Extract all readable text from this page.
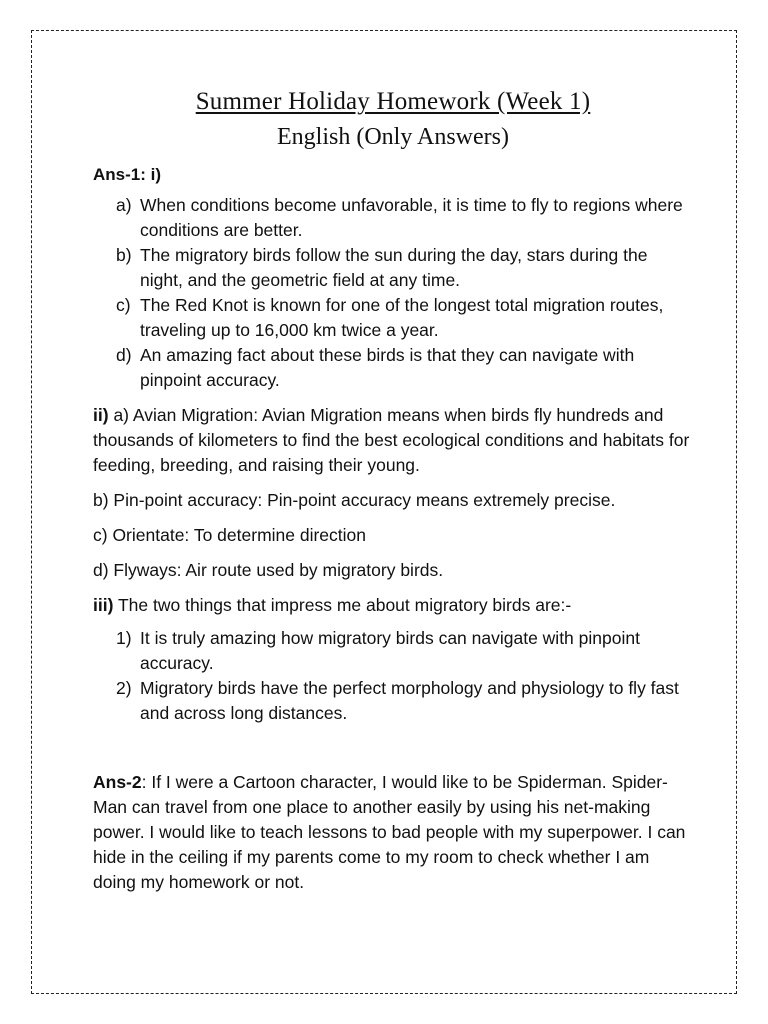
Summer Holiday Homework (Week 1)
English (Only Answers)
Ans-1: i)
a) When conditions become unfavorable, it is time to fly to regions where conditions are better.
b) The migratory birds follow the sun during the day, stars during the night, and the geometric field at any time.
c) The Red Knot is known for one of the longest total migration routes, traveling up to 16,000 km twice a year.
d) An amazing fact about these birds is that they can navigate with pinpoint accuracy.

ii) a) Avian Migration: Avian Migration means when birds fly hundreds and thousands of kilometers to find the best ecological conditions and habitats for feeding, breeding, and raising their young.

b) Pin-point accuracy: Pin-point accuracy means extremely precise.

c) Orientate: To determine direction

d) Flyways: Air route used by migratory birds.

iii) The two things that impress me about migratory birds are:-

1) It is truly amazing how migratory birds can navigate with pinpoint accuracy.
2) Migratory birds have the perfect morphology and physiology to fly fast and across long distances.

Ans-2: If I were a Cartoon character, I would like to be Spiderman. Spider-Man can travel from one place to another easily by using his net-making power. I would like to teach lessons to bad people with my superpower. I can hide in the ceiling if my parents come to my room to check whether I am doing my homework or not.
